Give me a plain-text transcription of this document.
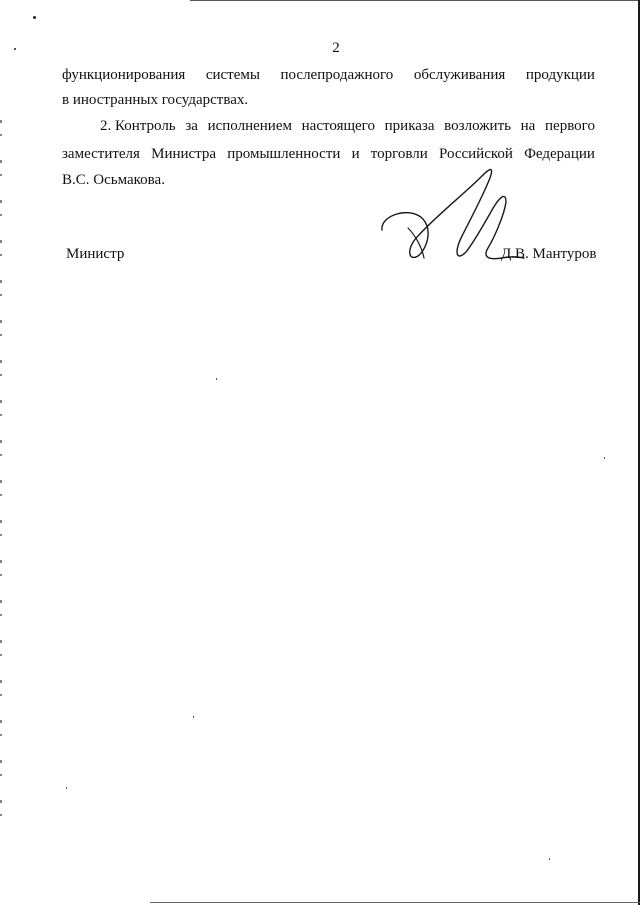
2
функционирования системы послепродажного обслуживания продукции
в иностранных государствах.
2. Контроль за исполнением настоящего приказа возложить на первого
заместителя Министра промышленности и торговли Российской Федерации
В.С. Осьмакова.
Министр	Д.В. Мантуров
